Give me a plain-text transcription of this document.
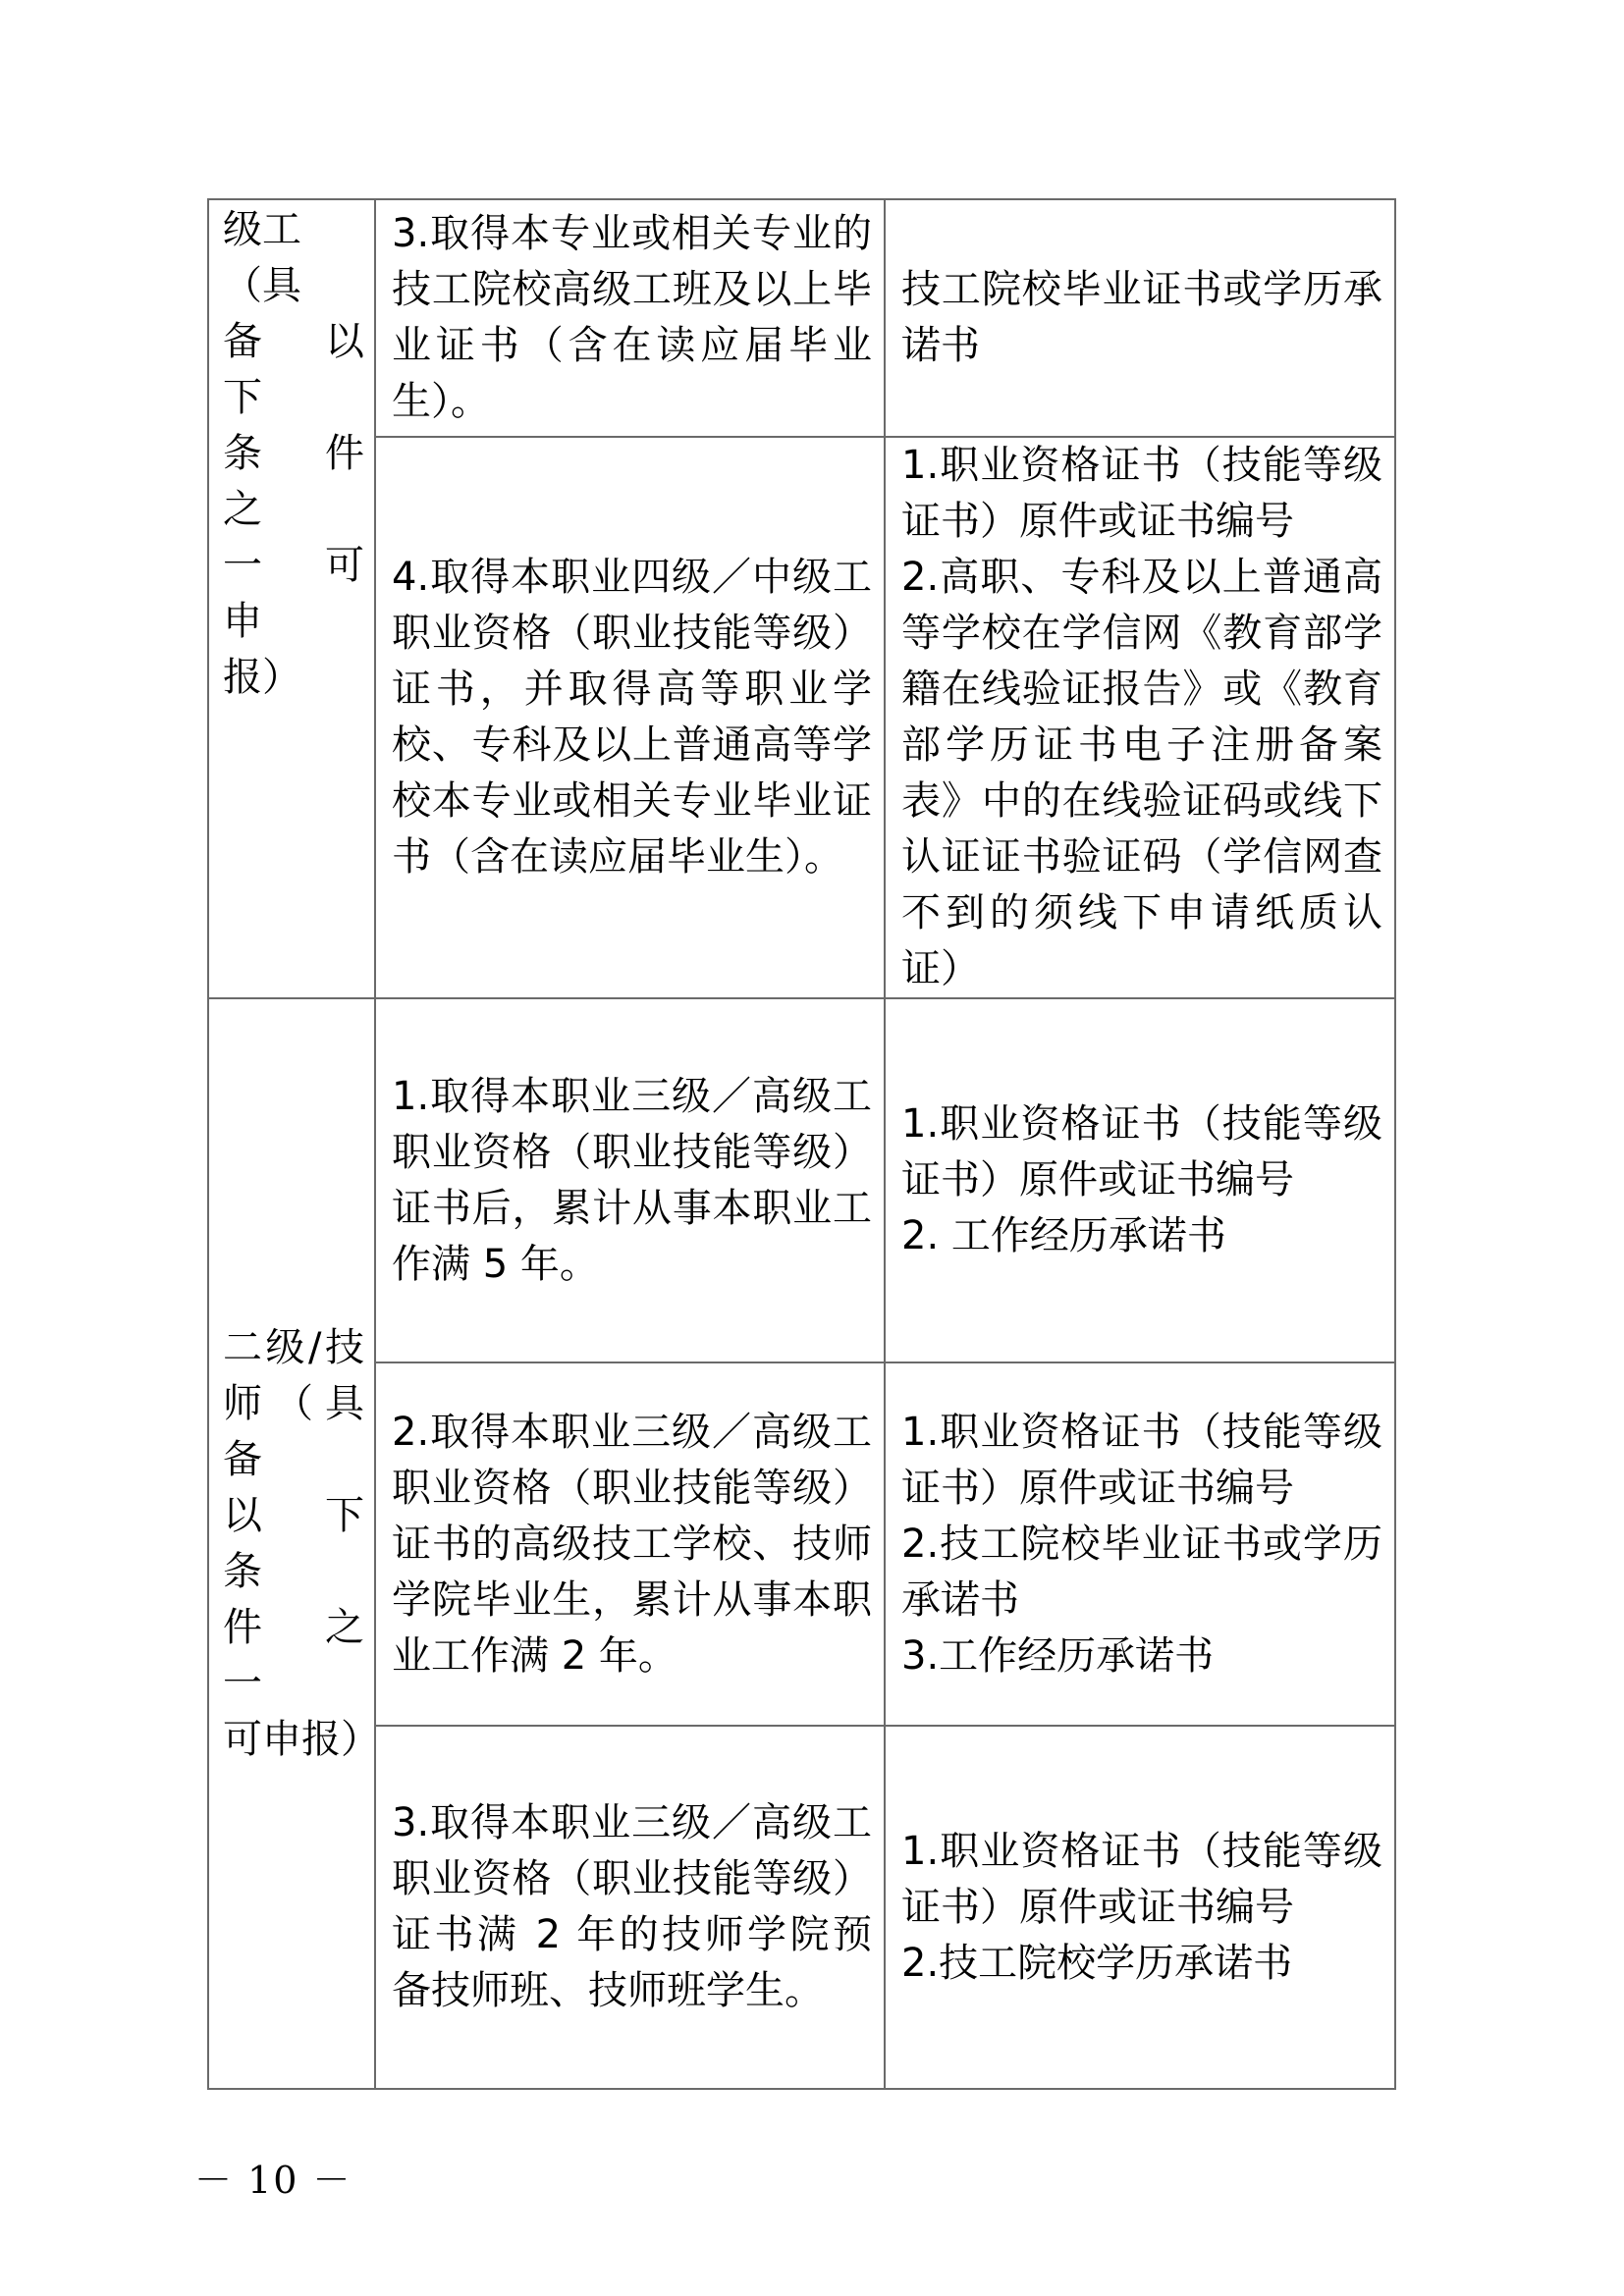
级工（具
备 以 下
条 件 之
一 可 申
报）	3.取得本专业或相关专业的技工院校高级工班及以上毕业证书（含在读应届毕业生）。	技工院校毕业证书或学历承诺书

	4.取得本职业四级／中级工职业资格（职业技能等级）证书，并取得高等职业学校、专科及以上普通高等学校本专业或相关专业毕业证书（含在读应届毕业生）。	1.职业资格证书（技能等级证书）原件或证书编号
2.高职、专科及以上普通高等学校在学信网《教育部学籍在线验证报告》或《教育部学历证书电子注册备案 表》中的在线验证码或线下认证证书验证码（学信网查不到的须线下申请纸质认证）

二级/技
师（具备
以 下 条
件 之 一
可申报）	1.取得本职业三级／高级工职业资格（职业技能等级）证书后，累计从事本职业工作满 5 年。	1.职业资格证书（技能等级证书）原件或证书编号
2. 工作经历承诺书

	2.取得本职业三级／高级工职业资格（职业技能等级）证书的高级技工学校、技师学院毕业生，累计从事本职业工作满 2 年。	1.职业资格证书（技能等级证书）原件或证书编号
2.技工院校毕业证书或学历承诺书
3.工作经历承诺书

	3.取得本职业三级／高级工职业资格（职业技能等级）证书满 2 年的技师学院预备技师班、技师班学生。	1.职业资格证书（技能等级证书）原件或证书编号
2.技工院校学历承诺书
－ 10 －
